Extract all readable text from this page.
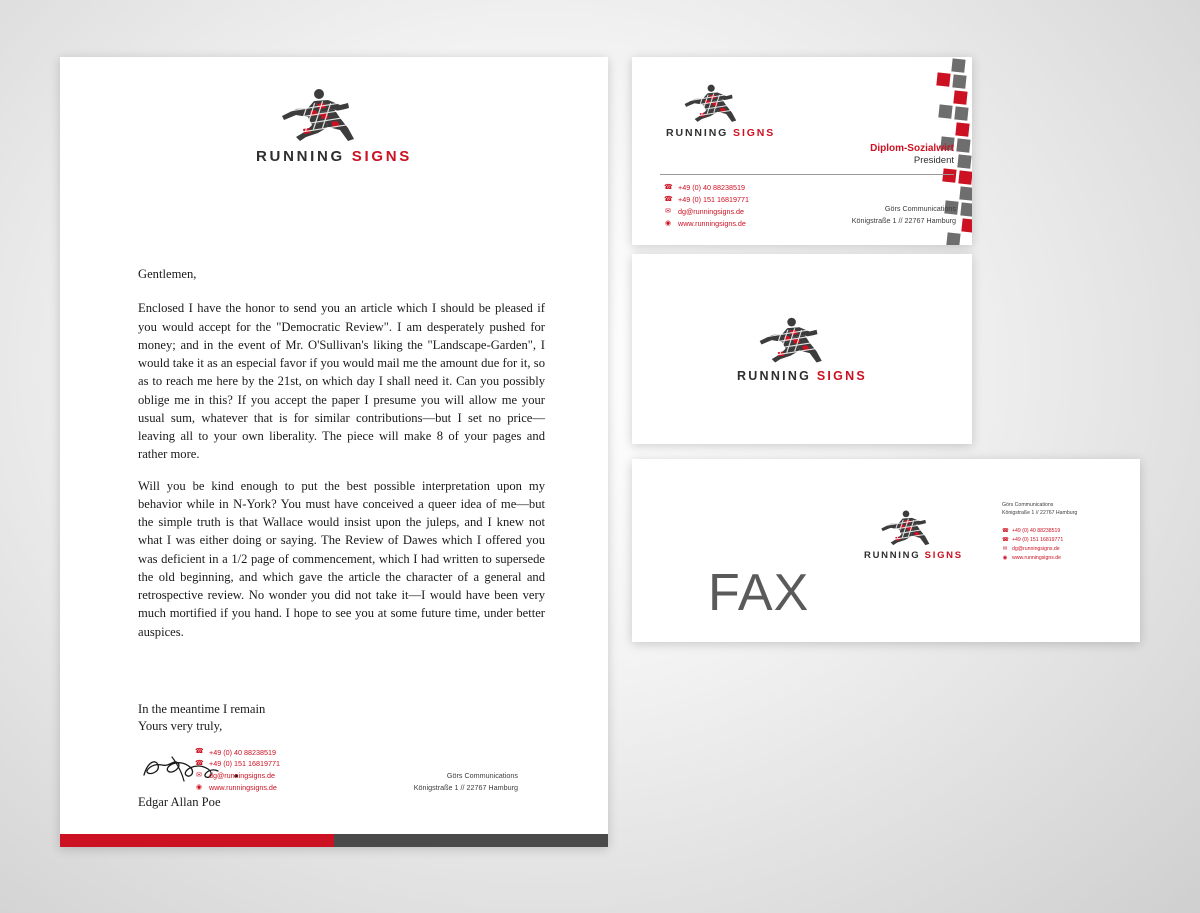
RUNNING SIGNS

Gentlemen,

Enclosed I have the honor to send you an article which I should be pleased if you would accept for the "Democratic Review". I am desperately pushed for money; and in the event of Mr. O'Sullivan's liking the "Landscape-Garden", I would take it as an especial favor if you would mail me the amount due for it, so as to reach me here by the 21st, on which day I shall need it. Can you possibly oblige me in this? If you accept the paper I presume you will allow me your usual sum, whatever that is for similar contributions—but I set no price—leaving all to your own liberality. The piece will make 8 of your pages and rather more.

Will you be kind enough to put the best possible interpretation upon my behavior while in N-York? You must have conceived a queer idea of me—but the simple truth is that Wallace would insist upon the juleps, and I knew not what I was either doing or saying. The Review of Dawes which I offered you was deficient in a 1/2 page of commencement, which I had written to supersede the old beginning, and which gave the article the character of a general and retrospective review. No wonder you did not take it—I would have been very much mortified if you hand. I hope to see you at some future time, under better auspices.

In the meantime I remain

Yours very truly,

Edgar Allan Poe
☎ +49 (0) 40 88238519
☎ +49 (0) 151 16819771
✉ dg@runningsigns.de
◉ www.runningsigns.de
Görs Communications
Königstraße 1 // 22767 Hamburg
RUNNING SIGNS
Diplom-Sozialwirt
President
☎ +49 (0) 40 88238519
☎ +49 (0) 151 16819771
✉ dg@runningsigns.de
◉ www.runningsigns.de
Görs Communications
Königstraße 1 // 22767 Hamburg
RUNNING SIGNS
FAX
RUNNING SIGNS
Görs Communications
Königstraße 1 // 22767 Hamburg
☎ +49 (0) 40 88238519
☎ +49 (0) 151 16819771
✉ dg@runningsigns.de
◉ www.runningsigns.de
